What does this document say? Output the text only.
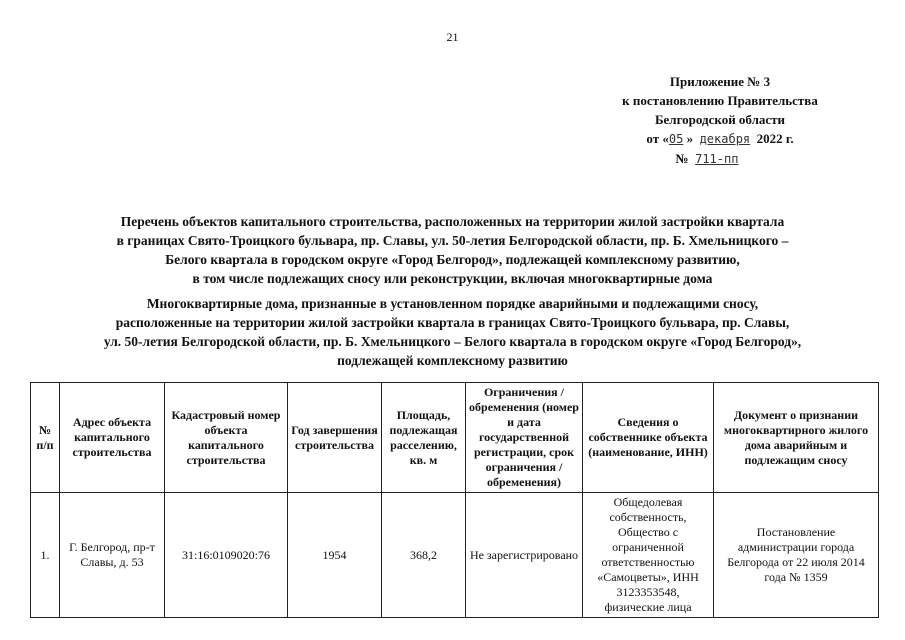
21
Приложение № 3
к постановлению Правительства
Белгородской области
от «05 » декабря 2022 г.
№ 711-пп
Перечень объектов капитального строительства, расположенных на территории жилой застройки квартала
в границах Свято-Троицкого бульвара, пр. Славы, ул. 50-летия Белгородской области, пр. Б. Хмельницкого –
Белого квартала в городском округе «Город Белгород», подлежащей комплексному развитию,
в том числе подлежащих сносу или реконструкции, включая многоквартирные дома
Многоквартирные дома, признанные в установленном порядке аварийными и подлежащими сносу,
расположенные на территории жилой застройки квартала в границах Свято-Троицкого бульвара, пр. Славы,
ул. 50-летия Белгородской области, пр. Б. Хмельницкого – Белого квартала в городском округе «Город Белгород»,
подлежащей комплексному развитию
№ п/п	Адрес объекта капитального строительства	Кадастровый номер объекта капитального строительства	Год завершения строительства	Площадь, подлежащая расселению, кв. м	Ограничения / обременения (номер и дата государственной регистрации, срок ограничения / обременения)	Сведения о собственнике объекта (наименование, ИНН)	Документ о признании многоквартирного жилого дома аварийным и подлежащим сносу
1.	Г. Белгород, пр-т Славы, д. 53	31:16:0109020:76	1954	368,2	Не зарегистрировано	Общедолевая собственность, Общество с ограниченной ответственностью «Самоцветы», ИНН 3123353548, физические лица	Постановление администрации города Белгорода от 22 июля 2014 года № 1359
